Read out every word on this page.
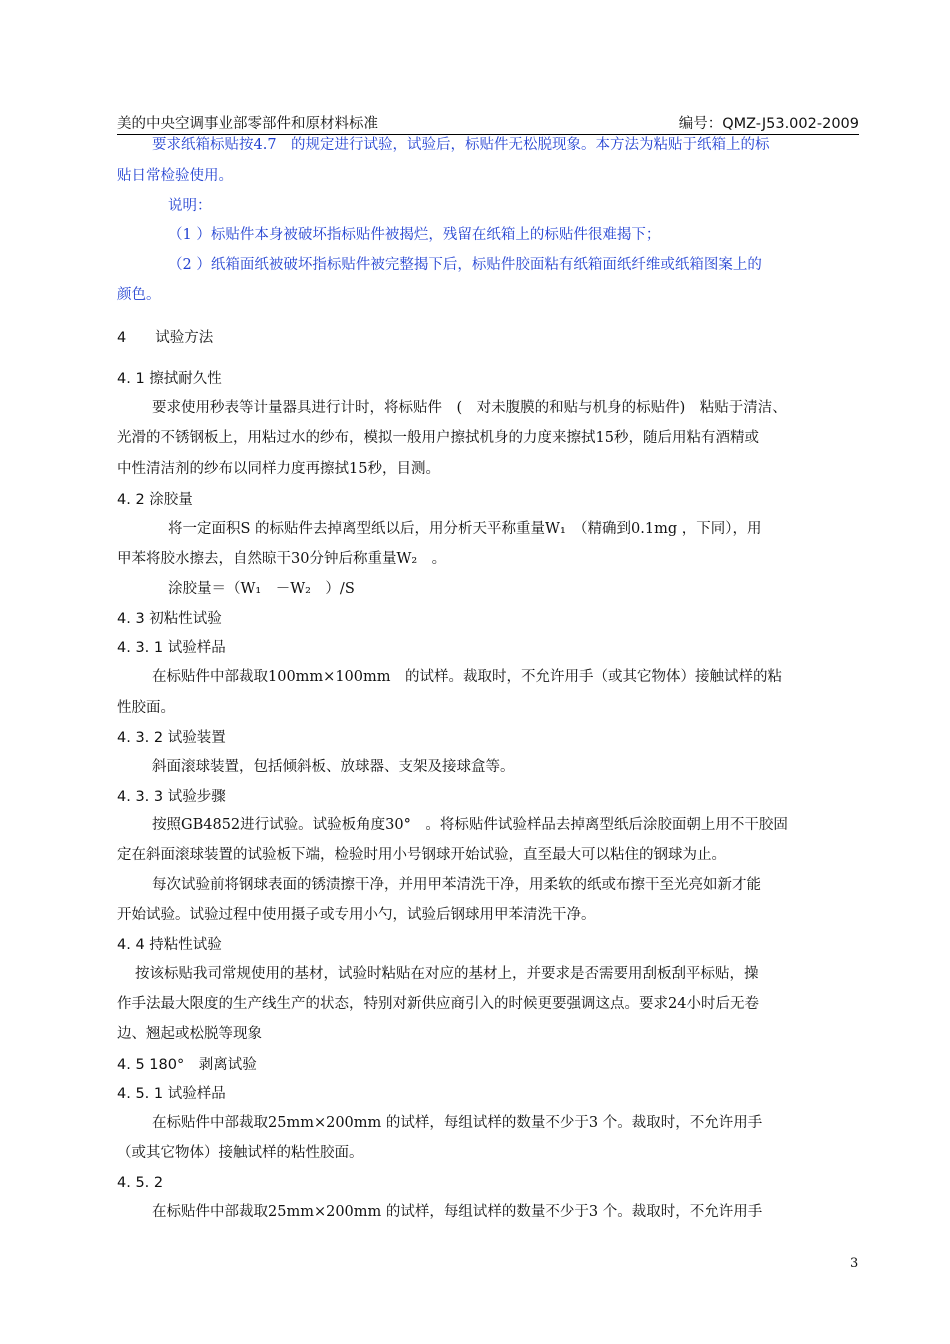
美的中央空调事业部零部件和原材料标准	编号：QMZ-J53.002-2009
要求纸箱标贴按4.7　的规定进行试验，试验后，标贴件无松脱现象。本方法为粘贴于纸箱上的标
贴日常检验使用。
说明：
（1 ）标贴件本身被破坏指标贴件被揭烂，残留在纸箱上的标贴件很难揭下；
（2 ）纸箱面纸被破坏指标贴件被完整揭下后，标贴件胶面粘有纸箱面纸纤维或纸箱图案上的
颜色。
4　　试验方法
4. 1 擦拭耐久性
要求使用秒表等计量器具进行计时，将标贴件　(　对未腹膜的和贴与机身的标贴件)　粘贴于清洁、
光滑的不锈钢板上，用粘过水的纱布，模拟一般用户擦拭机身的力度来擦拭15秒，随后用粘有酒精或
中性清洁剂的纱布以同样力度再擦拭15秒，目测。
4. 2 涂胶量
将一定面积S 的标贴件去掉离型纸以后，用分析天平称重量W₁　（精确到0.1mg ，下同），用
甲苯将胶水擦去，自然晾干30分钟后称重量W₂　。
涂胶量＝（W₁　－W₂　）/S
4. 3 初粘性试验
4. 3. 1 试验样品
在标贴件中部裁取100mm×100mm　的试样。裁取时，不允许用手（或其它物体）接触试样的粘
性胶面。
4. 3. 2 试验装置
斜面滚球装置，包括倾斜板、放球器、支架及接球盒等。
4. 3. 3 试验步骤
按照GB4852进行试验。试验板角度30°　。将标贴件试验样品去掉离型纸后涂胶面朝上用不干胶固
定在斜面滚球装置的试验板下端，检验时用小号钢球开始试验，直至最大可以粘住的钢球为止。
每次试验前将钢球表面的锈渍擦干净，并用甲苯清洗干净，用柔软的纸或布擦干至光亮如新才能
开始试验。试验过程中使用摄子或专用小勺，试验后钢球用甲苯清洗干净。
4. 4 持粘性试验
按该标贴我司常规使用的基材，试验时粘贴在对应的基材上，并要求是否需要用刮板刮平标贴，操
作手法最大限度的生产线生产的状态，特别对新供应商引入的时候更要强调这点。要求24小时后无卷
边、翘起或松脱等现象
4. 5 180°　剥离试验
4. 5. 1 试验样品
在标贴件中部裁取25mm×200mm 的试样，每组试样的数量不少于3 个。裁取时，不允许用手
（或其它物体）接触试样的粘性胶面。
4. 5. 2
在标贴件中部裁取25mm×200mm 的试样，每组试样的数量不少于3 个。裁取时，不允许用手
3
